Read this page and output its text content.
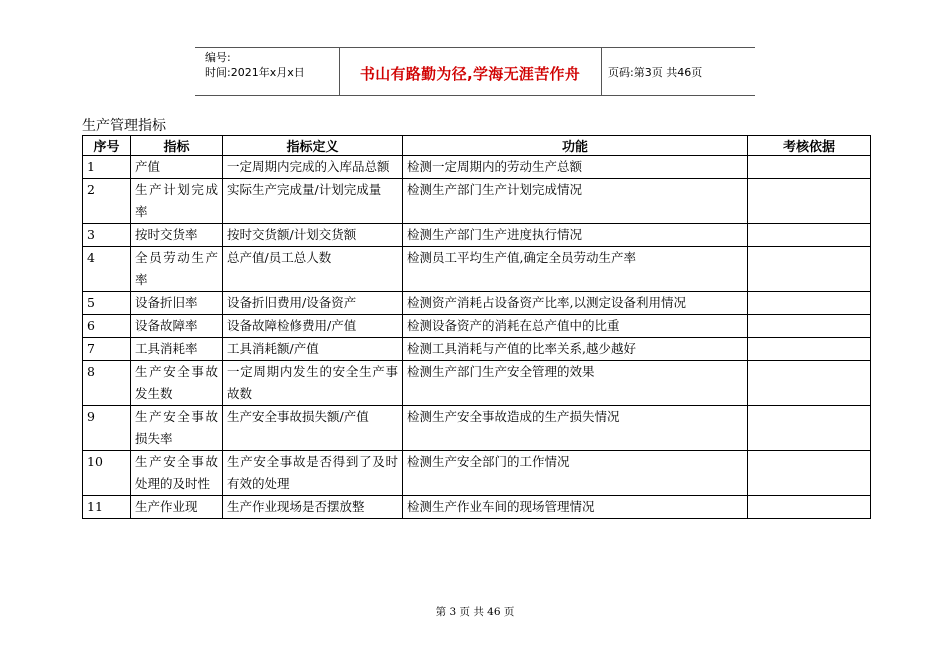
编号:
时间:2021年x月x日	书山有路勤为径,学海无涯苦作舟	页码:第3页 共46页
生产管理指标
序号	指标	指标定义	功能	考核依据
1	产值	一定周期内完成的入库品总额	检测一定周期内的劳动生产总额	
2	生产计划完成率	实际生产完成量/计划完成量	检测生产部门生产计划完成情况	
3	按时交货率	按时交货额/计划交货额	检测生产部门生产进度执行情况	
4	全员劳动生产率	总产值/员工总人数	检测员工平均生产值,确定全员劳动生产率	
5	设备折旧率	设备折旧费用/设备资产	检测资产消耗占设备资产比率,以测定设备利用情况	
6	设备故障率	设备故障检修费用/产值	检测设备资产的消耗在总产值中的比重	
7	工具消耗率	工具消耗额/产值	检测工具消耗与产值的比率关系,越少越好	
8	生产安全事故发生数	一定周期内发生的安全生产事故数	检测生产部门生产安全管理的效果	
9	生产安全事故损失率	生产安全事故损失额/产值	检测生产安全事故造成的生产损失情况	
10	生产安全事故处理的及时性	生产安全事故是否得到了及时有效的处理	检测生产安全部门的工作情况	
11	生产作业现	生产作业现场是否摆放整	检测生产作业车间的现场管理情况	
第 3 页 共 46 页
